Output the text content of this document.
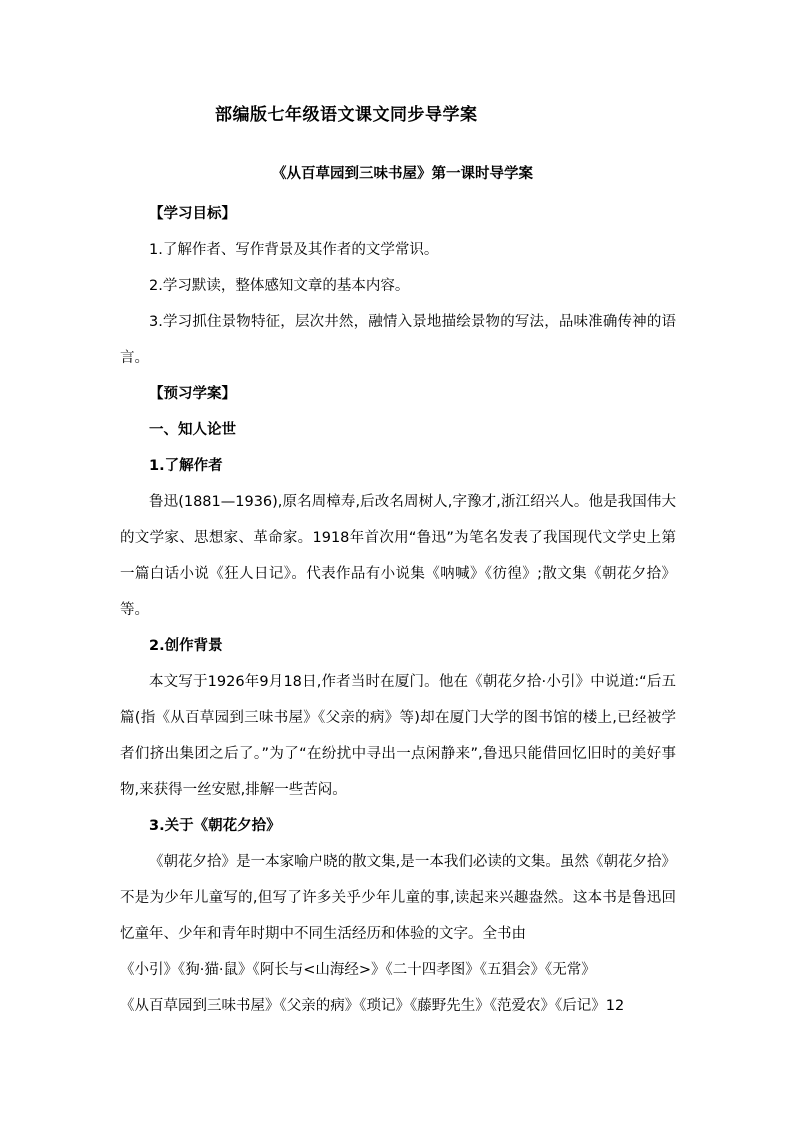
部编版七年级语文课文同步导学案
《从百草园到三味书屋》第一课时导学案

【学习目标】

1.了解作者、写作背景及其作者的文学常识。

2.学习默读，整体感知文章的基本内容。

3.学习抓住景物特征，层次井然，融情入景地描绘景物的写法，品味准确传神的语言。

【预习学案】

一、知人论世

1.了解作者

鲁迅(1881—1936),原名周樟寿,后改名周树人,字豫才,浙江绍兴人。他是我国伟大的文学家、思想家、革命家。1918年首次用“鲁迅”为笔名发表了我国现代文学史上第一篇白话小说《狂人日记》。代表作品有小说集《呐喊》《彷徨》;散文集《朝花夕拾》等。

2.创作背景

本文写于1926年9月18日,作者当时在厦门。他在《朝花夕拾·小引》中说道:“后五篇(指《从百草园到三味书屋》《父亲的病》等)却在厦门大学的图书馆的楼上,已经被学者们挤出集团之后了。”为了“在纷扰中寻出一点闲静来”,鲁迅只能借回忆旧时的美好事物,来获得一丝安慰,排解一些苦闷。

3.关于《朝花夕拾》

《朝花夕拾》是一本家喻户晓的散文集,是一本我们必读的文集。虽然《朝花夕拾》不是为少年儿童写的,但写了许多关乎少年儿童的事,读起来兴趣盎然。这本书是鲁迅回忆童年、少年和青年时期中不同生活经历和体验的文字。全书由

《小引》《狗·猫·鼠》《阿长与<山海经>》《二十四孝图》《五猖会》《无常》

《从百草园到三味书屋》《父亲的病》《琐记》《藤野先生》《范爱农》《后记》12
